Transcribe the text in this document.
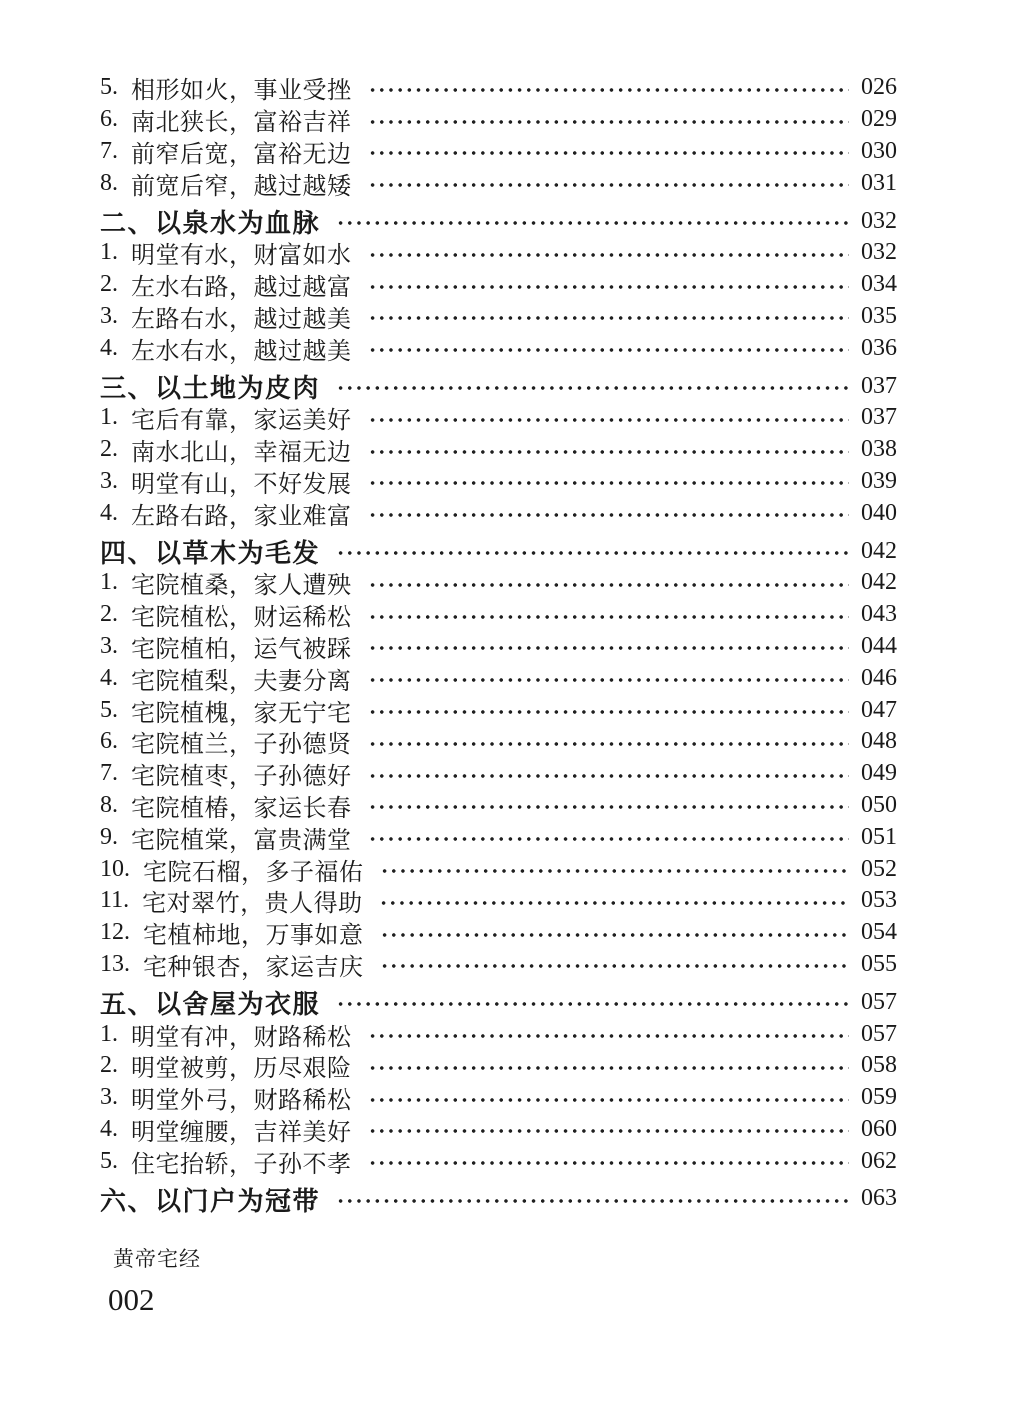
5. 相形如火，事业受挫	026
6. 南北狭长，富裕吉祥	029
7. 前窄后宽，富裕无边	030
8. 前宽后窄，越过越矮	031
二、以泉水为血脉	032
1. 明堂有水，财富如水	032
2. 左水右路，越过越富	034
3. 左路右水，越过越美	035
4. 左水右水，越过越美	036
三、以土地为皮肉	037
1. 宅后有靠，家运美好	037
2. 南水北山，幸福无边	038
3. 明堂有山，不好发展	039
4. 左路右路，家业难富	040
四、以草木为毛发	042
1. 宅院植桑，家人遭殃	042
2. 宅院植松，财运稀松	043
3. 宅院植柏，运气被踩	044
4. 宅院植梨，夫妻分离	046
5. 宅院植槐，家无宁宅	047
6. 宅院植兰，子孙德贤	048
7. 宅院植枣，子孙德好	049
8. 宅院植椿，家运长春	050
9. 宅院植棠，富贵满堂	051
10. 宅院石榴，多子福佑	052
11. 宅对翠竹，贵人得助	053
12. 宅植柿地，万事如意	054
13. 宅种银杏，家运吉庆	055
五、以舍屋为衣服	057
1. 明堂有冲，财路稀松	057
2. 明堂被剪，历尽艰险	058
3. 明堂外弓，财路稀松	059
4. 明堂缠腰，吉祥美好	060
5. 住宅抬轿，子孙不孝	062
六、以门户为冠带	063
黄帝宅经
002
